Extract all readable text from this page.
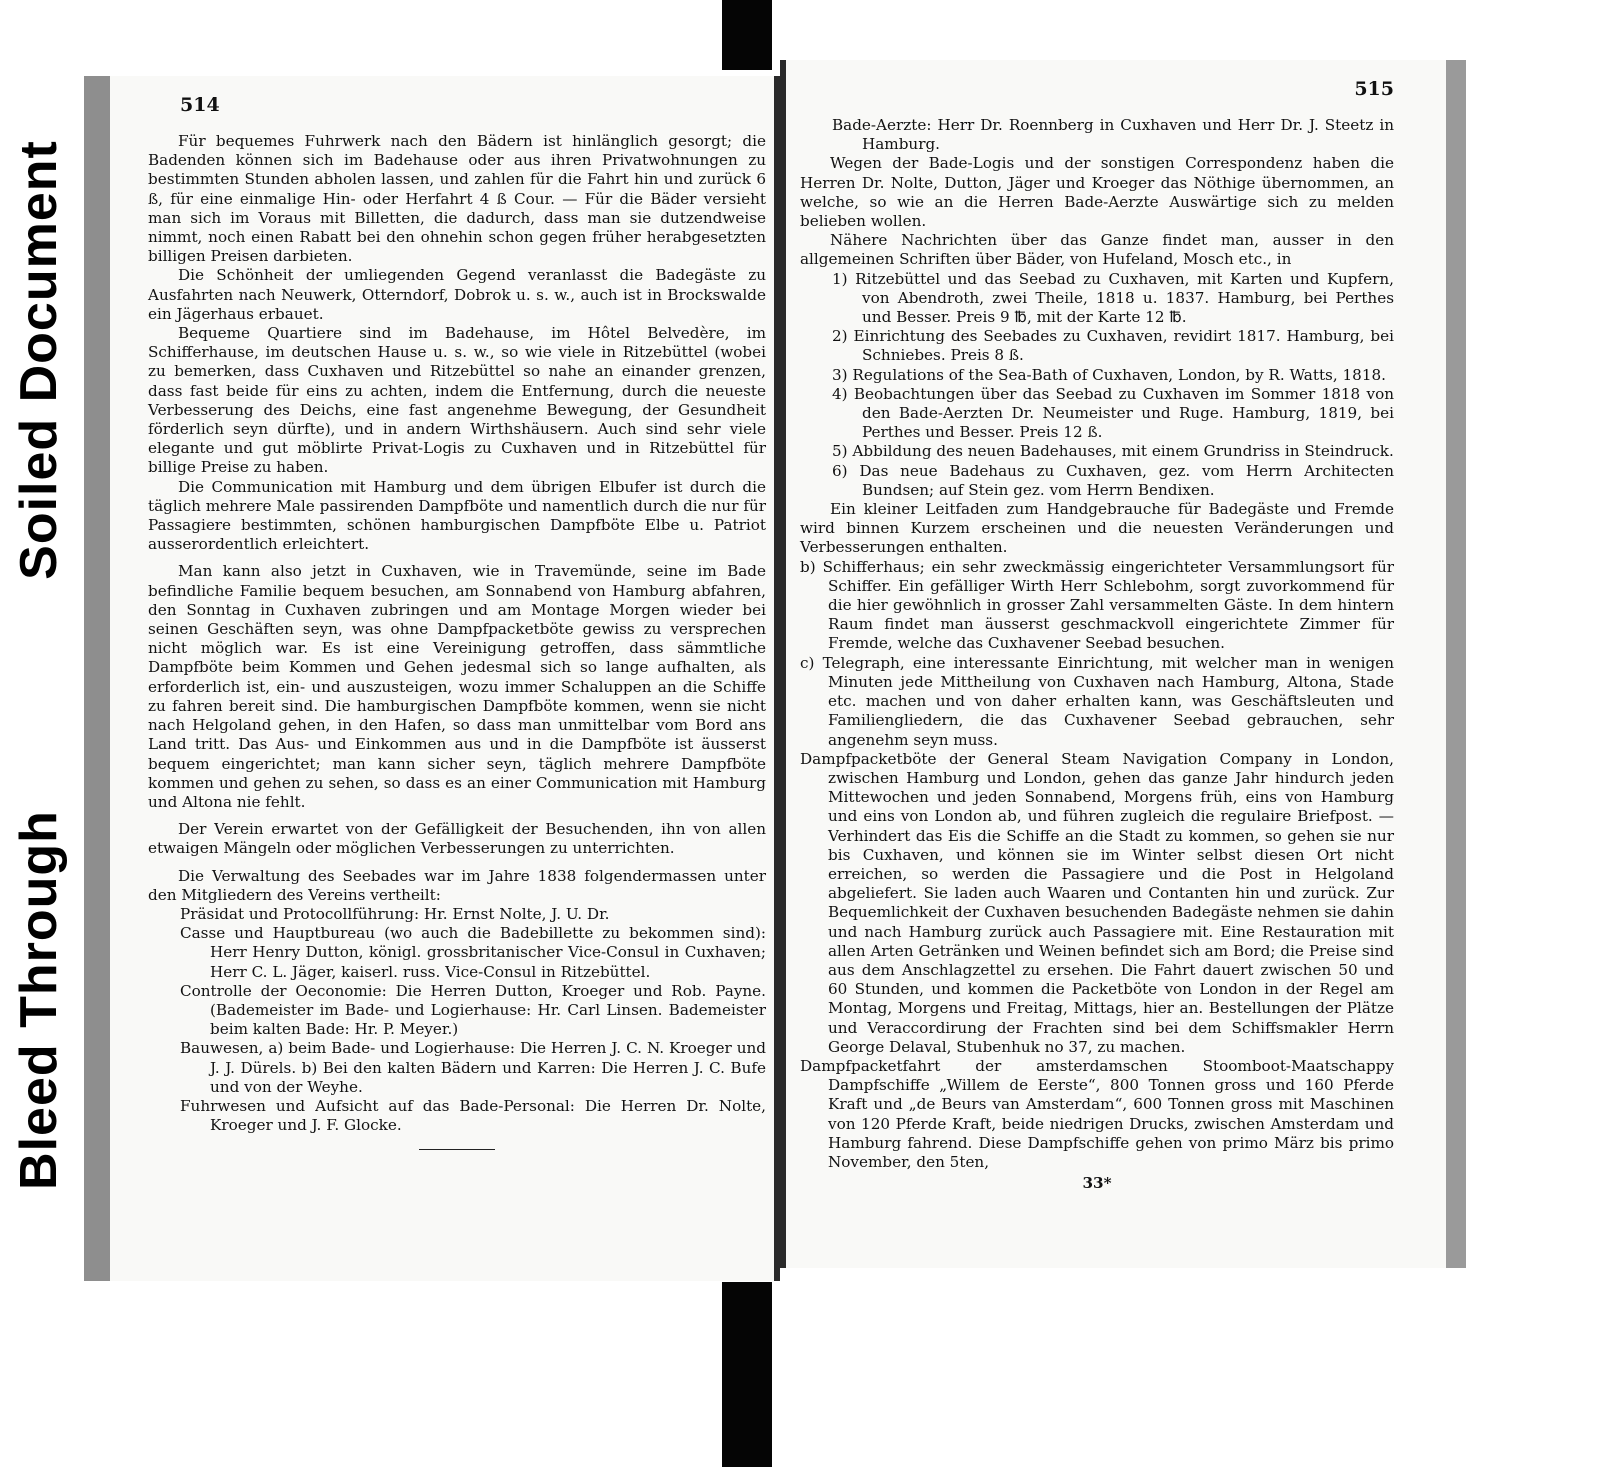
Soiled Document
Bleed Through
514

Für bequemes Fuhrwerk nach den Bädern ist hinlänglich gesorgt; die Badenden können sich im Badehause oder aus ihren Privatwohnungen zu bestimmten Stunden abholen lassen, und zahlen für die Fahrt hin und zurück 6 ß, für eine einmalige Hin- oder Herfahrt 4 ß Cour. — Für die Bäder versieht man sich im Voraus mit Billetten, die dadurch, dass man sie dutzendweise nimmt, noch einen Rabatt bei den ohnehin schon gegen früher herabgesetzten billigen Preisen darbieten.

Die Schönheit der umliegenden Gegend veranlasst die Badegäste zu Ausfahrten nach Neuwerk, Otterndorf, Dobrok u. s. w., auch ist in Brockswalde ein Jägerhaus erbauet.

Bequeme Quartiere sind im Badehause, im Hôtel Belvedère, im Schifferhause, im deutschen Hause u. s. w., so wie viele in Ritzebüttel (wobei zu bemerken, dass Cuxhaven und Ritzebüttel so nahe an einander grenzen, dass fast beide für eins zu achten, indem die Entfernung, durch die neueste Verbesserung des Deichs, eine fast angenehme Bewegung, der Gesundheit förderlich seyn dürfte), und in andern Wirthshäusern. Auch sind sehr viele elegante und gut möblirte Privat-Logis zu Cuxhaven und in Ritzebüttel für billige Preise zu haben.

Die Communication mit Hamburg und dem übrigen Elbufer ist durch die täglich mehrere Male passirenden Dampfböte und namentlich durch die nur für Passagiere bestimmten, schönen hamburgischen Dampfböte Elbe u. Patriot ausserordentlich erleichtert.

Man kann also jetzt in Cuxhaven, wie in Travemünde, seine im Bade befindliche Familie bequem besuchen, am Sonnabend von Hamburg abfahren, den Sonntag in Cuxhaven zubringen und am Montage Morgen wieder bei seinen Geschäften seyn, was ohne Dampfpacketböte gewiss zu versprechen nicht möglich war. Es ist eine Vereinigung getroffen, dass sämmtliche Dampfböte beim Kommen und Gehen jedesmal sich so lange aufhalten, als erforderlich ist, ein- und auszusteigen, wozu immer Schaluppen an die Schiffe zu fahren bereit sind. Die hamburgischen Dampfböte kommen, wenn sie nicht nach Helgoland gehen, in den Hafen, so dass man unmittelbar vom Bord ans Land tritt. Das Aus- und Einkommen aus und in die Dampfböte ist äusserst bequem eingerichtet; man kann sicher seyn, täglich mehrere Dampfböte kommen und gehen zu sehen, so dass es an einer Communication mit Hamburg und Altona nie fehlt.

Der Verein erwartet von der Gefälligkeit der Besuchenden, ihn von allen etwaigen Mängeln oder möglichen Verbesserungen zu unterrichten.

Die Verwaltung des Seebades war im Jahre 1838 folgendermassen unter den Mitgliedern des Vereins vertheilt:

Präsidat und Protocollführung: Hr. Ernst Nolte, J. U. Dr.

Casse und Hauptbureau (wo auch die Badebillette zu bekommen sind): Herr Henry Dutton, königl. grossbritanischer Vice-Consul in Cuxhaven; Herr C. L. Jäger, kaiserl. russ. Vice-Consul in Ritzebüttel.

Controlle der Oeconomie: Die Herren Dutton, Kroeger und Rob. Payne. (Bademeister im Bade- und Logierhause: Hr. Carl Linsen. Bademeister beim kalten Bade: Hr. P. Meyer.)

Bauwesen, a) beim Bade- und Logierhause: Die Herren J. C. N. Kroeger und J. J. Dürels. b) Bei den kalten Bädern und Karren: Die Herren J. C. Bufe und von der Weyhe.

Fuhrwesen und Aufsicht auf das Bade-Personal: Die Herren Dr. Nolte, Kroeger und J. F. Glocke.

515

Bade-Aerzte: Herr Dr. Roennberg in Cuxhaven und Herr Dr. J. Steetz in Hamburg.

Wegen der Bade-Logis und der sonstigen Correspondenz haben die Herren Dr. Nolte, Dutton, Jäger und Kroeger das Nöthige übernommen, an welche, so wie an die Herren Bade-Aerzte Auswärtige sich zu melden belieben wollen.

Nähere Nachrichten über das Ganze findet man, ausser in den allgemeinen Schriften über Bäder, von Hufeland, Mosch etc., in

1) Ritzebüttel und das Seebad zu Cuxhaven, mit Karten und Kupfern, von Abendroth, zwei Theile, 1818 u. 1837. Hamburg, bei Perthes und Besser. Preis 9 ℔, mit der Karte 12 ℔.

2) Einrichtung des Seebades zu Cuxhaven, revidirt 1817. Hamburg, bei Schniebes. Preis 8 ß.

3) Regulations of the Sea-Bath of Cuxhaven, London, by R. Watts, 1818.

4) Beobachtungen über das Seebad zu Cuxhaven im Sommer 1818 von den Bade-Aerzten Dr. Neumeister und Ruge. Hamburg, 1819, bei Perthes und Besser. Preis 12 ß.

5) Abbildung des neuen Badehauses, mit einem Grundriss in Steindruck.

6) Das neue Badehaus zu Cuxhaven, gez. vom Herrn Architecten Bundsen; auf Stein gez. vom Herrn Bendixen.

Ein kleiner Leitfaden zum Handgebrauche für Badegäste und Fremde wird binnen Kurzem erscheinen und die neuesten Veränderungen und Verbesserungen enthalten.

b) Schifferhaus; ein sehr zweckmässig eingerichteter Versammlungsort für Schiffer. Ein gefälliger Wirth Herr Schlebohm, sorgt zuvorkommend für die hier gewöhnlich in grosser Zahl versammelten Gäste. In dem hintern Raum findet man äusserst geschmackvoll eingerichtete Zimmer für Fremde, welche das Cuxhavener Seebad besuchen.

c) Telegraph, eine interessante Einrichtung, mit welcher man in wenigen Minuten jede Mittheilung von Cuxhaven nach Hamburg, Altona, Stade etc. machen und von daher erhalten kann, was Geschäftsleuten und Familiengliedern, die das Cuxhavener Seebad gebrauchen, sehr angenehm seyn muss.

Dampfpacketböte der General Steam Navigation Company in London, zwischen Hamburg und London, gehen das ganze Jahr hindurch jeden Mittewochen und jeden Sonnabend, Morgens früh, eins von Hamburg und eins von London ab, und führen zugleich die regulaire Briefpost. — Verhindert das Eis die Schiffe an die Stadt zu kommen, so gehen sie nur bis Cuxhaven, und können sie im Winter selbst diesen Ort nicht erreichen, so werden die Passagiere und die Post in Helgoland abgeliefert. Sie laden auch Waaren und Contanten hin und zurück. Zur Bequemlichkeit der Cuxhaven besuchenden Badegäste nehmen sie dahin und nach Hamburg zurück auch Passagiere mit. Eine Restauration mit allen Arten Getränken und Weinen befindet sich am Bord; die Preise sind aus dem Anschlagzettel zu ersehen. Die Fahrt dauert zwischen 50 und 60 Stunden, und kommen die Packetböte von London in der Regel am Montag, Morgens und Freitag, Mittags, hier an. Bestellungen der Plätze und Veraccordirung der Frachten sind bei dem Schiffsmakler Herrn George Delaval, Stubenhuk no 37, zu machen.

Dampfpacketfahrt der amsterdamschen Stoomboot-Maatschappy Dampfschiffe „Willem de Eerste“, 800 Tonnen gross und 160 Pferde Kraft und „de Beurs van Amsterdam“, 600 Tonnen gross mit Maschinen von 120 Pferde Kraft, beide niedrigen Drucks, zwischen Amsterdam und Hamburg fahrend. Diese Dampfschiffe gehen von primo März bis primo November, den 5ten,

33*
